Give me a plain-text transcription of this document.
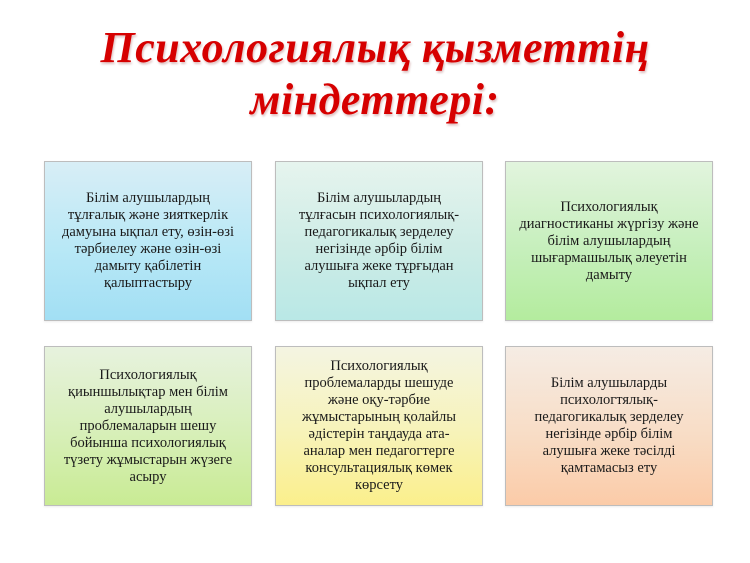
Психологиялық қызметтің
міндеттері:
Білім алушылардың тұлғалық және зияткерлік дамуына ықпал ету, өзін-өзі тәрбиелеу және өзін-өзі дамыту қабілетін қалыптастыру
Білім алушылардың тұлғасын психологиялық-педагогикалық зерделеу негізінде әрбір білім алушыға жеке тұрғыдан ықпал ету
Психологиялық диагностиканы жүргізу және білім алушылардың шығармашылық әлеуетін дамыту
Психологиялық қиыншылықтар мен білім алушылардың проблемаларын шешу бойынша психологиялық түзету жұмыстарын жүзеге асыру
Психологиялық проблемаларды шешуде және оқу-тәрбие жұмыстарының қолайлы әдістерін таңдауда ата-аналар мен педагогтерге консультациялық көмек көрсету
Білім алушыларды психологтялық-педагогикалық зерделеу негізінде әрбір білім алушыға жеке тәсілді қамтамасыз ету
